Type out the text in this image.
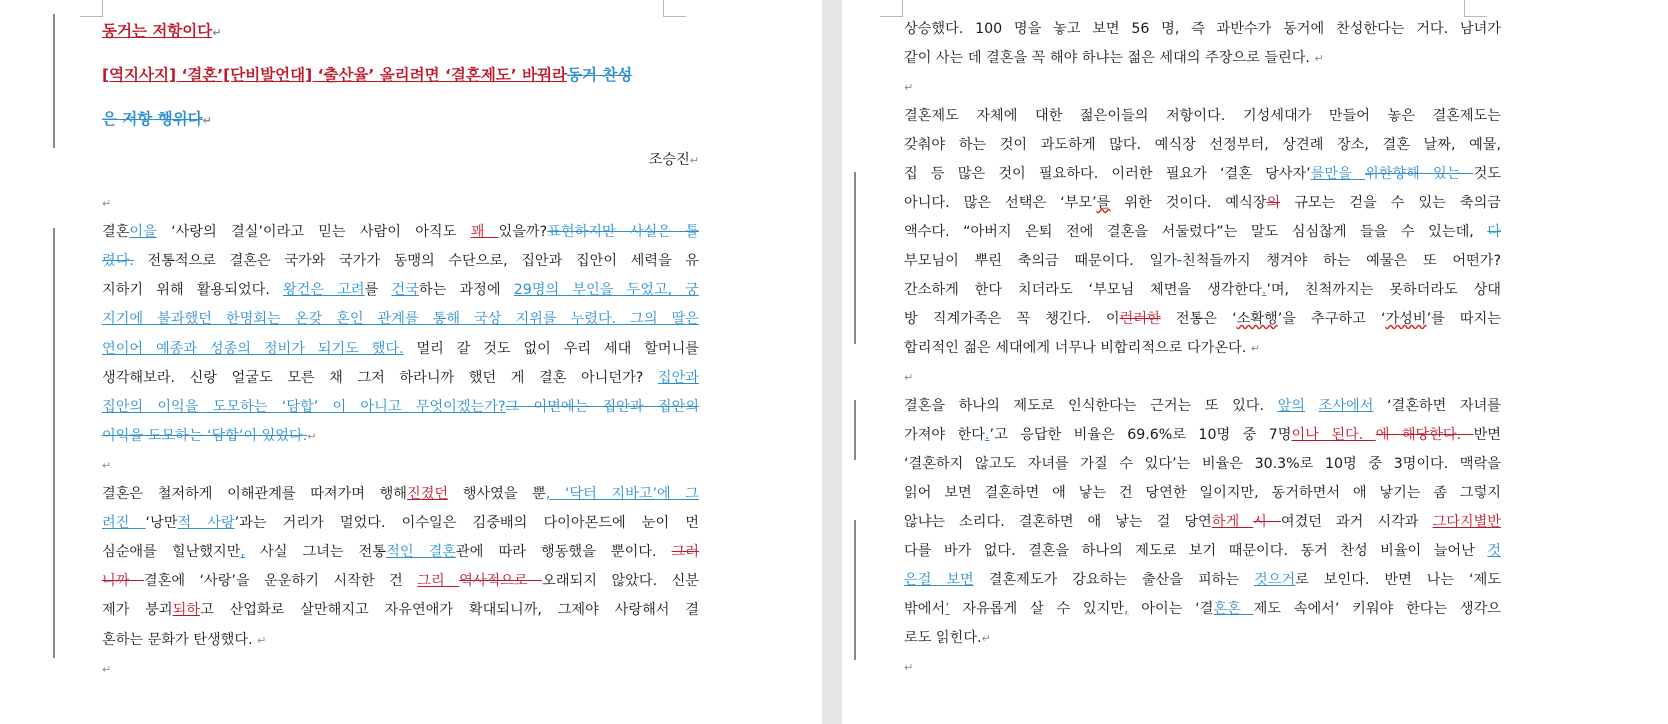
동거는 저항이다↵
[역지사지] ‘결혼’[단비발언대] ‘출산율’ 올리려면 ‘결혼제도’ 바꿔라동거 찬성
은 저항 행위다↵
조승진↵
↵
결혼이을 ‘사랑의 결실’이라고 믿는 사람이 아직도 꽤 있을까?표현하지만 사실은 틀
렸다. 전통적으로 결혼은 국가와 국가가 동맹의 수단으로, 집안과 집안이 세력을 유
지하기 위해 활용되었다. 왕건은 고려를 건국하는 과정에 29명의 부인을 두었고, 궁
지기에 불과했던 한명회는 온갖 혼인 관계를 통해 국상 지위를 누렸다. 그의 딸은
연이어 예종과 성종의 정비가 되기도 했다. 멀리 갈 것도 없이 우리 세대 할머니를
생각해보라. 신랑 얼굴도 모른 채 그저 하라니까 했던 게 결혼 아니던가? 집안과
집안의 이익을 도모하는 ‘담합’ 이 아니고 무엇이겠는가?그 이면에는 집안과 집안의
이익을 도모하는 ‘담합’이 있었다.↵
↵
결혼은 철저하게 이해관계를 따져가며 행해진졌던 행사였을 뿐, ‘닥터 지바고’에 그
려진 ‘낭만적 사랑’과는 거리가 멀었다. 이수일은 김중배의 다이아몬드에 눈이 먼
심순애를 힐난했지만, 사실 그녀는 전통적인 결혼관에 따라 행동했을 뿐이다. 그러
니까 결혼에 ‘사랑’을 운운하기 시작한 건 그리 역사적으로 오래되지 않았다. 신분
제가 붕괴되하고 산업화로 살만해지고 자유연애가 확대되니까, 그제야 사랑해서 결
혼하는 문화가 탄생했다. ↵
↵
상승했다. 100 명을 놓고 보면 56 명, 즉 과반수가 동거에 찬성한다는 거다. 남녀가
같이 사는 데 결혼을 꼭 해야 하냐는 젊은 세대의 주장으로 들린다. ↵
↵
결혼제도 자체에 대한 젊은이들의 저항이다. 기성세대가 만들어 놓은 결혼제도는
갖춰야 하는 것이 과도하게 많다. 예식장 선정부터, 상견례 장소, 결혼 날짜, 예물,
집 등 많은 것이 필요하다. 이러한 필요가 ‘결혼 당사자’를만을 위한향해 있는 것도
아니다. 많은 선택은 ‘부모’를 위한 것이다. 예식장의 규모는 걷을 수 있는 축의금
액수다. “아버지 은퇴 전에 결혼을 서둘렀다”는 말도 심심찮게 들을 수 있는데, 다
부모님이 뿌린 축의금 때문이다. 일가-친척들까지 챙겨야 하는 예물은 또 어떤가?
간소하게 한다 치더라도 ‘부모님 체면을 생각한다.’며, 친척까지는 못하더라도 상대
방 직계가족은 꼭 챙긴다. 이런러한 전통은 ‘소확행’을 추구하고 ‘가성비’를 따지는
합리적인 젊은 세대에게 너무나 비합리적으로 다가온다. ↵
↵
결혼을 하나의 제도로 인식한다는 근거는 또 있다. 앞의 조사에서 ‘결혼하면 자녀를
가져야 한다.’고 응답한 비율은 69.6%로 10명 중 7명이나 된다. 에 해당한다. 반면
‘결혼하지 않고도 자녀를 가질 수 있다’는 비율은 30.3%로 10명 중 3명이다. 맥락을
읽어 보면 결혼하면 애 낳는 건 당연한 일이지만, 동거하면서 애 낳기는 좀 그렇지
않냐는 소리다. 결혼하면 애 낳는 걸 당연하게 시 여겼던 과거 시각과 그다지별반
다를 바가 없다. 결혼을 하나의 제도로 보기 때문이다. 동거 찬성 비율이 늘어난 것
은걸 보면 결혼제도가 강요하는 출산을 피하는 것으거로 보인다. 반면 나는 ‘제도
밖에서’ 자유롭게 살 수 있지만, 아이는 ‘결혼혼 제도 속에서’ 키워야 한다는 생각으
로도 읽힌다.↵
↵
